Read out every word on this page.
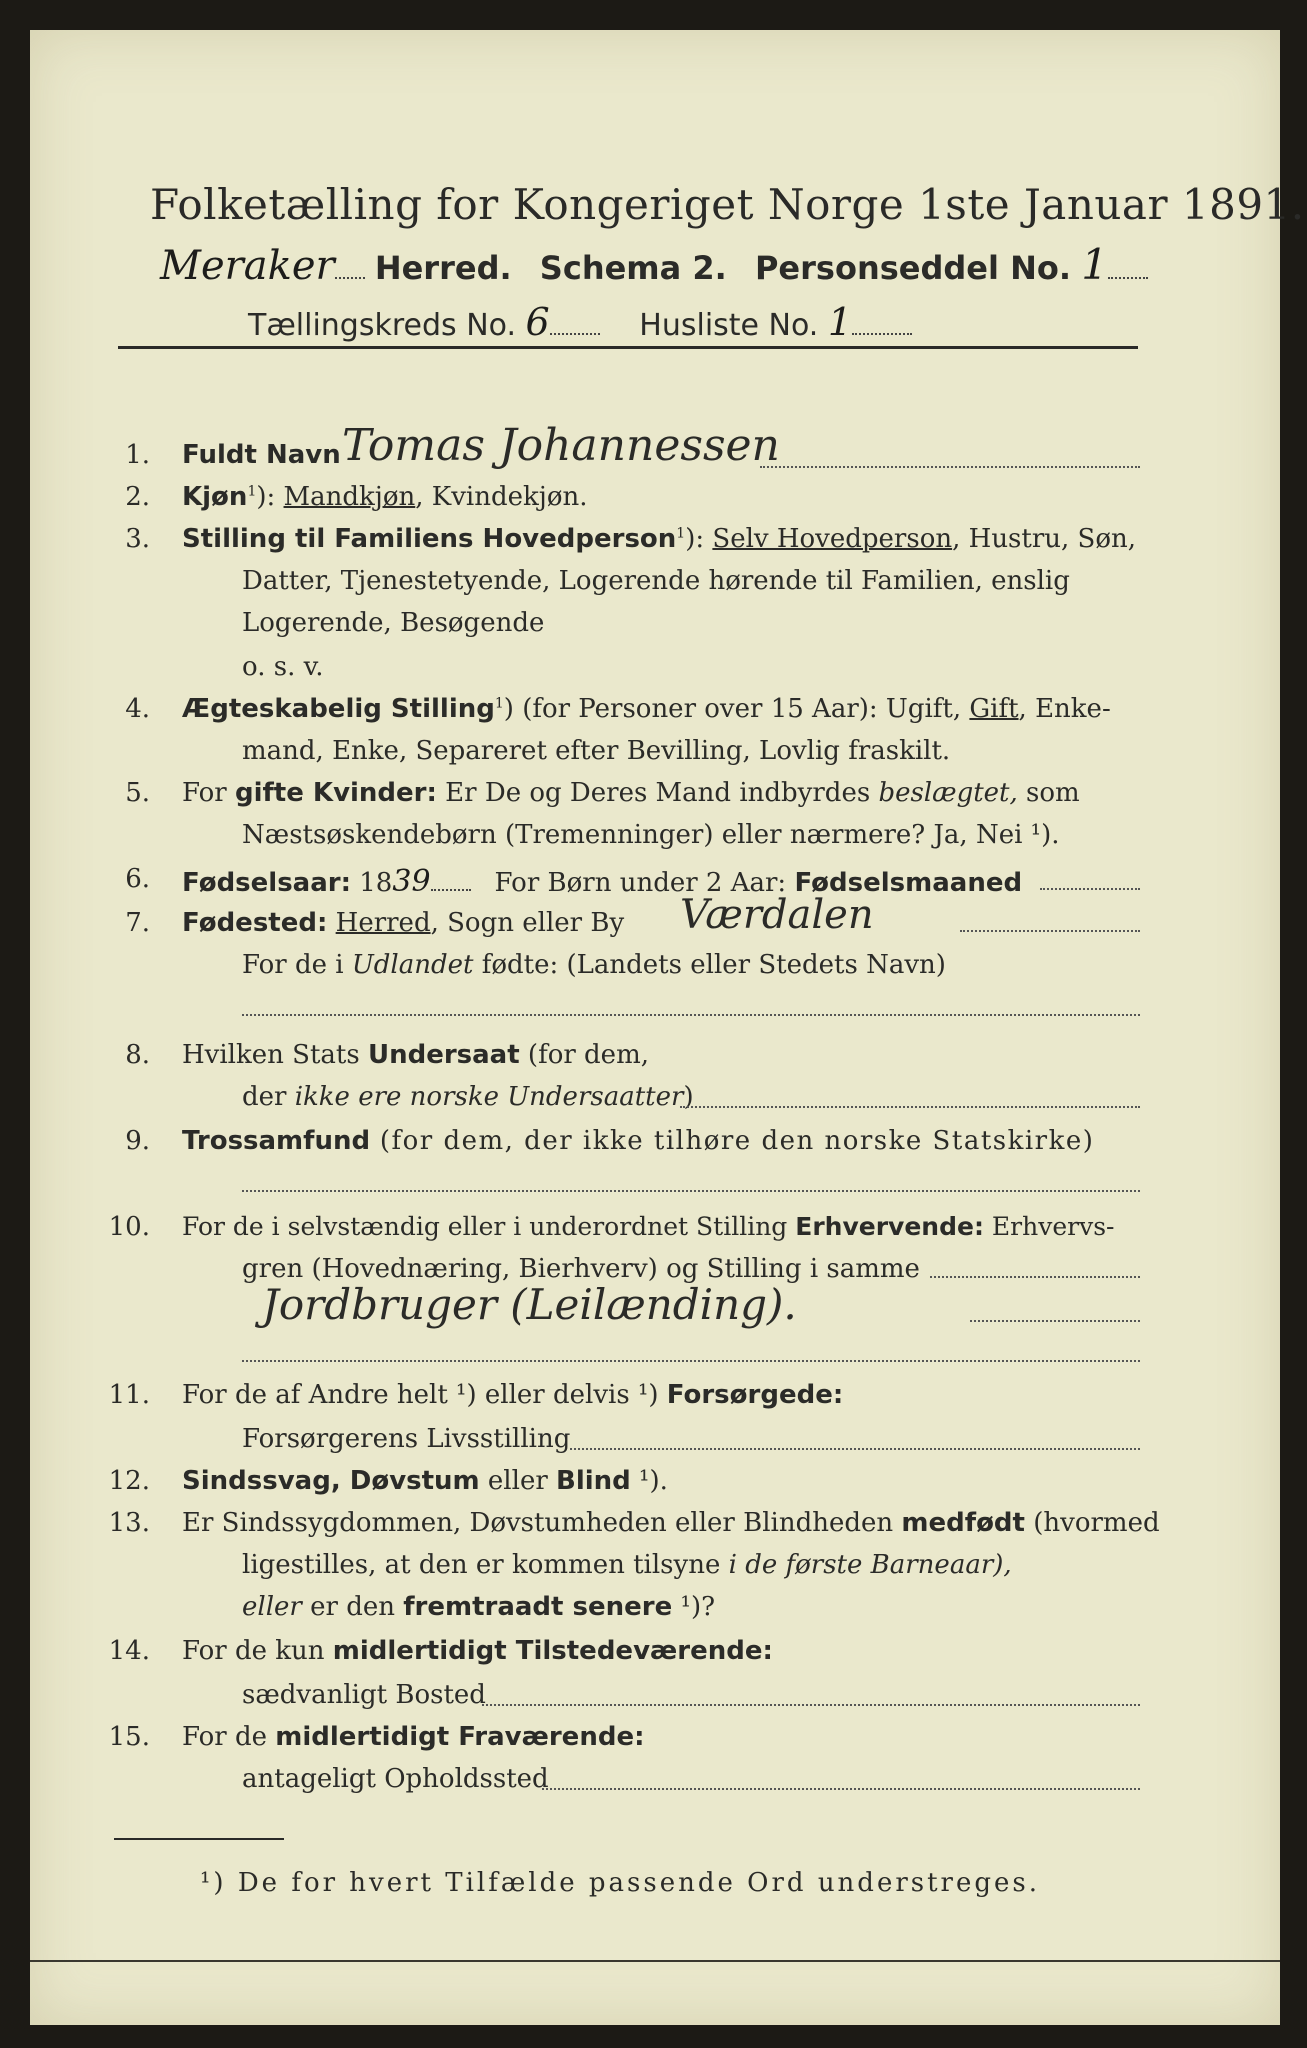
Folketælling for Kongeriget Norge 1ste Januar 1891.
Meraker Herred. Schema 2. Personseddel No. 1
Tællingskreds No. 6	Husliste No. 1
1. Fuldt Navn Tomas Johannessen
2. Kjøn$^1$): Mandkjøn, Kvindekjøn.
3. Stilling til Familiens Hovedperson$^1$): Selv Hovedperson, Hustru, Søn,
Datter, Tjenestetyende, Logerende hørende til Familien, enslig
Logerende, Besøgende
o. s. v.
4. Ægteskabelig Stilling$^1$) (for Personer over 15 Aar): Ugift, Gift, Enke-
mand, Enke, Separeret efter Bevilling, Lovlig fraskilt.
5. For gifte Kvinder: Er De og Deres Mand indbyrdes beslægtet, som
Næstsøskendebørn (Tremenninger) eller nærmere? Ja, Nei ¹).
6. Fødselsaar: 1839 For Børn under 2 Aar: Fødselsmaaned
7. Fødested: Herred, Sogn eller By Værdalen
For de i Udlandet fødte: (Landets eller Stedets Navn)
8. Hvilken Stats Undersaat (for dem,
der ikke ere norske Undersaatter)
9. Trossamfund (for dem, der ikke tilhøre den norske Statskirke)
10. For de i selvstændig eller i underordnet Stilling Erhvervende: Erhvervs-
gren (Hovednæring, Bierhverv) og Stilling i samme
Jordbruger (Leilænding).
11. For de af Andre helt ¹) eller delvis ¹) Forsørgede:
Forsørgerens Livsstilling
12. Sindssvag, Døvstum eller Blind ¹).
13. Er Sindssygdommen, Døvstumheden eller Blindheden medfødt (hvormed
ligestilles, at den er kommen tilsyne i de første Barneaar),
eller er den fremtraadt senere ¹)?
14. For de kun midlertidigt Tilstedeværende:
sædvanligt Bosted
15. For de midlertidigt Fraværende:
antageligt Opholdssted
¹) De for hvert Tilfælde passende Ord understreges.
